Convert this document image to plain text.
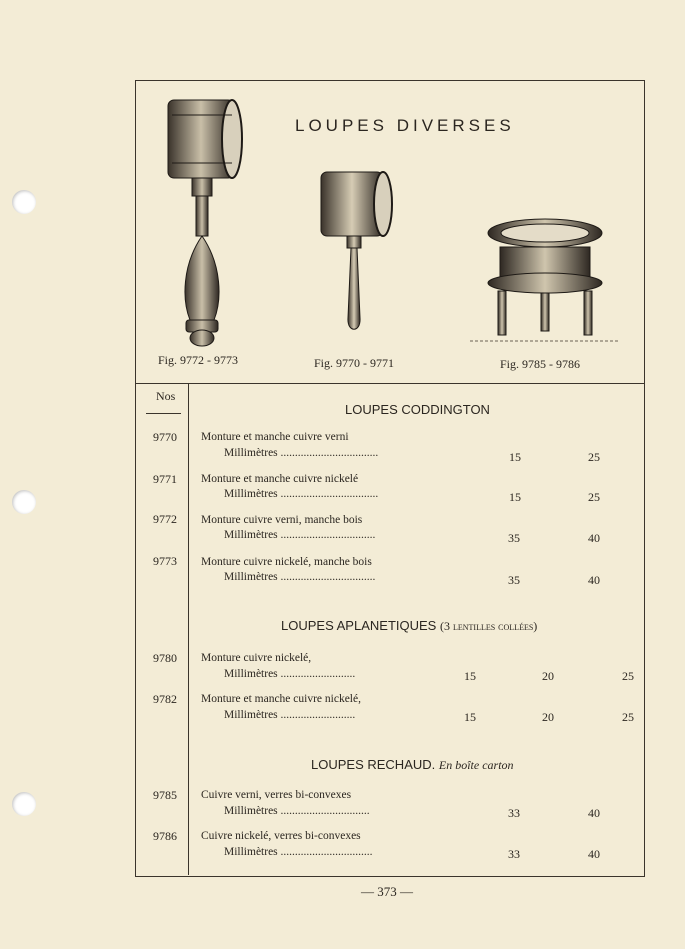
LOUPES DIVERSES
Fig. 9772 - 9773	Fig. 9770 - 9771	Fig. 9785 - 9786
Nos
LOUPES CODDINGTON
9770 Monture et manche cuivre verni
Millimètres ..................................	15	25
9771 Monture et manche cuivre nickelé
Millimètres ..................................	15	25
9772 Monture cuivre verni, manche bois
Millimètres .................................	35	40
9773 Monture cuivre nickelé, manche bois
Millimètres .................................	35	40
LOUPES APLANETIQUES (3 lentilles collées)
9780 Monture cuivre nickelé,
Millimètres ..........................	15	20	25
9782 Monture et manche cuivre nickelé,
Millimètres ..........................	15	20	25
LOUPES RECHAUD. En boîte carton
9785 Cuivre verni, verres bi-convexes
Millimètres ...............................	33	40
9786 Cuivre nickelé, verres bi-convexes
Millimètres ................................	33	40
— 373 —
